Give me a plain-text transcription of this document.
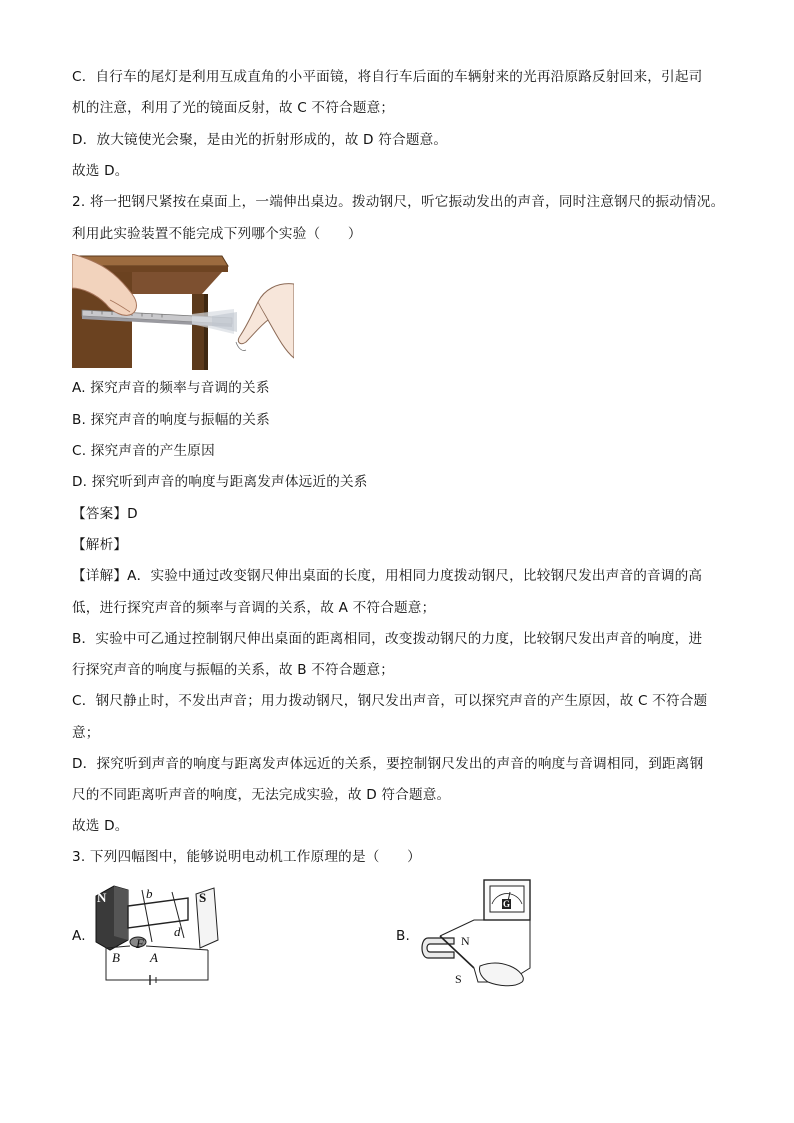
C．自行车的尾灯是利用互成直角的小平面镜，将自行车后面的车辆射来的光再沿原路反射回来，引起司
机的注意，利用了光的镜面反射，故 C 不符合题意；
D．放大镜使光会聚，是由光的折射形成的，故 D 符合题意。
故选 D。
2. 将一把钢尺紧按在桌面上，一端伸出桌边。拨动钢尺，听它振动发出的声音，同时注意钢尺的振动情况。
利用此实验装置不能完成下列哪个实验（　　）
A. 探究声音的频率与音调的关系
B. 探究声音的响度与振幅的关系
C. 探究声音的产生原因
D. 探究听到声音的响度与距离发声体远近的关系
【答案】D
【解析】
【详解】A．实验中通过改变钢尺伸出桌面的长度，用相同力度拨动钢尺，比较钢尺发出声音的音调的高
低，进行探究声音的频率与音调的关系，故 A 不符合题意；
B．实验中可乙通过控制钢尺伸出桌面的距离相同，改变拨动钢尺的力度，比较钢尺发出声音的响度，进
行探究声音的响度与振幅的关系，故 B 不符合题意；
C．钢尺静止时，不发出声音；用力拨动钢尺，钢尺发出声音，可以探究声音的产生原因，故 C 不符合题
意；
D．探究听到声音的响度与距离发声体远近的关系，要控制钢尺发出的声音的响度与音调相同，到距离钢
尺的不同距离听声音的响度，无法完成实验，故 D 符合题意。
故选 D。
3. 下列四幅图中，能够说明电动机工作原理的是（　　）
A.
N	S
b
d
B A
F	B.	N
S
G
